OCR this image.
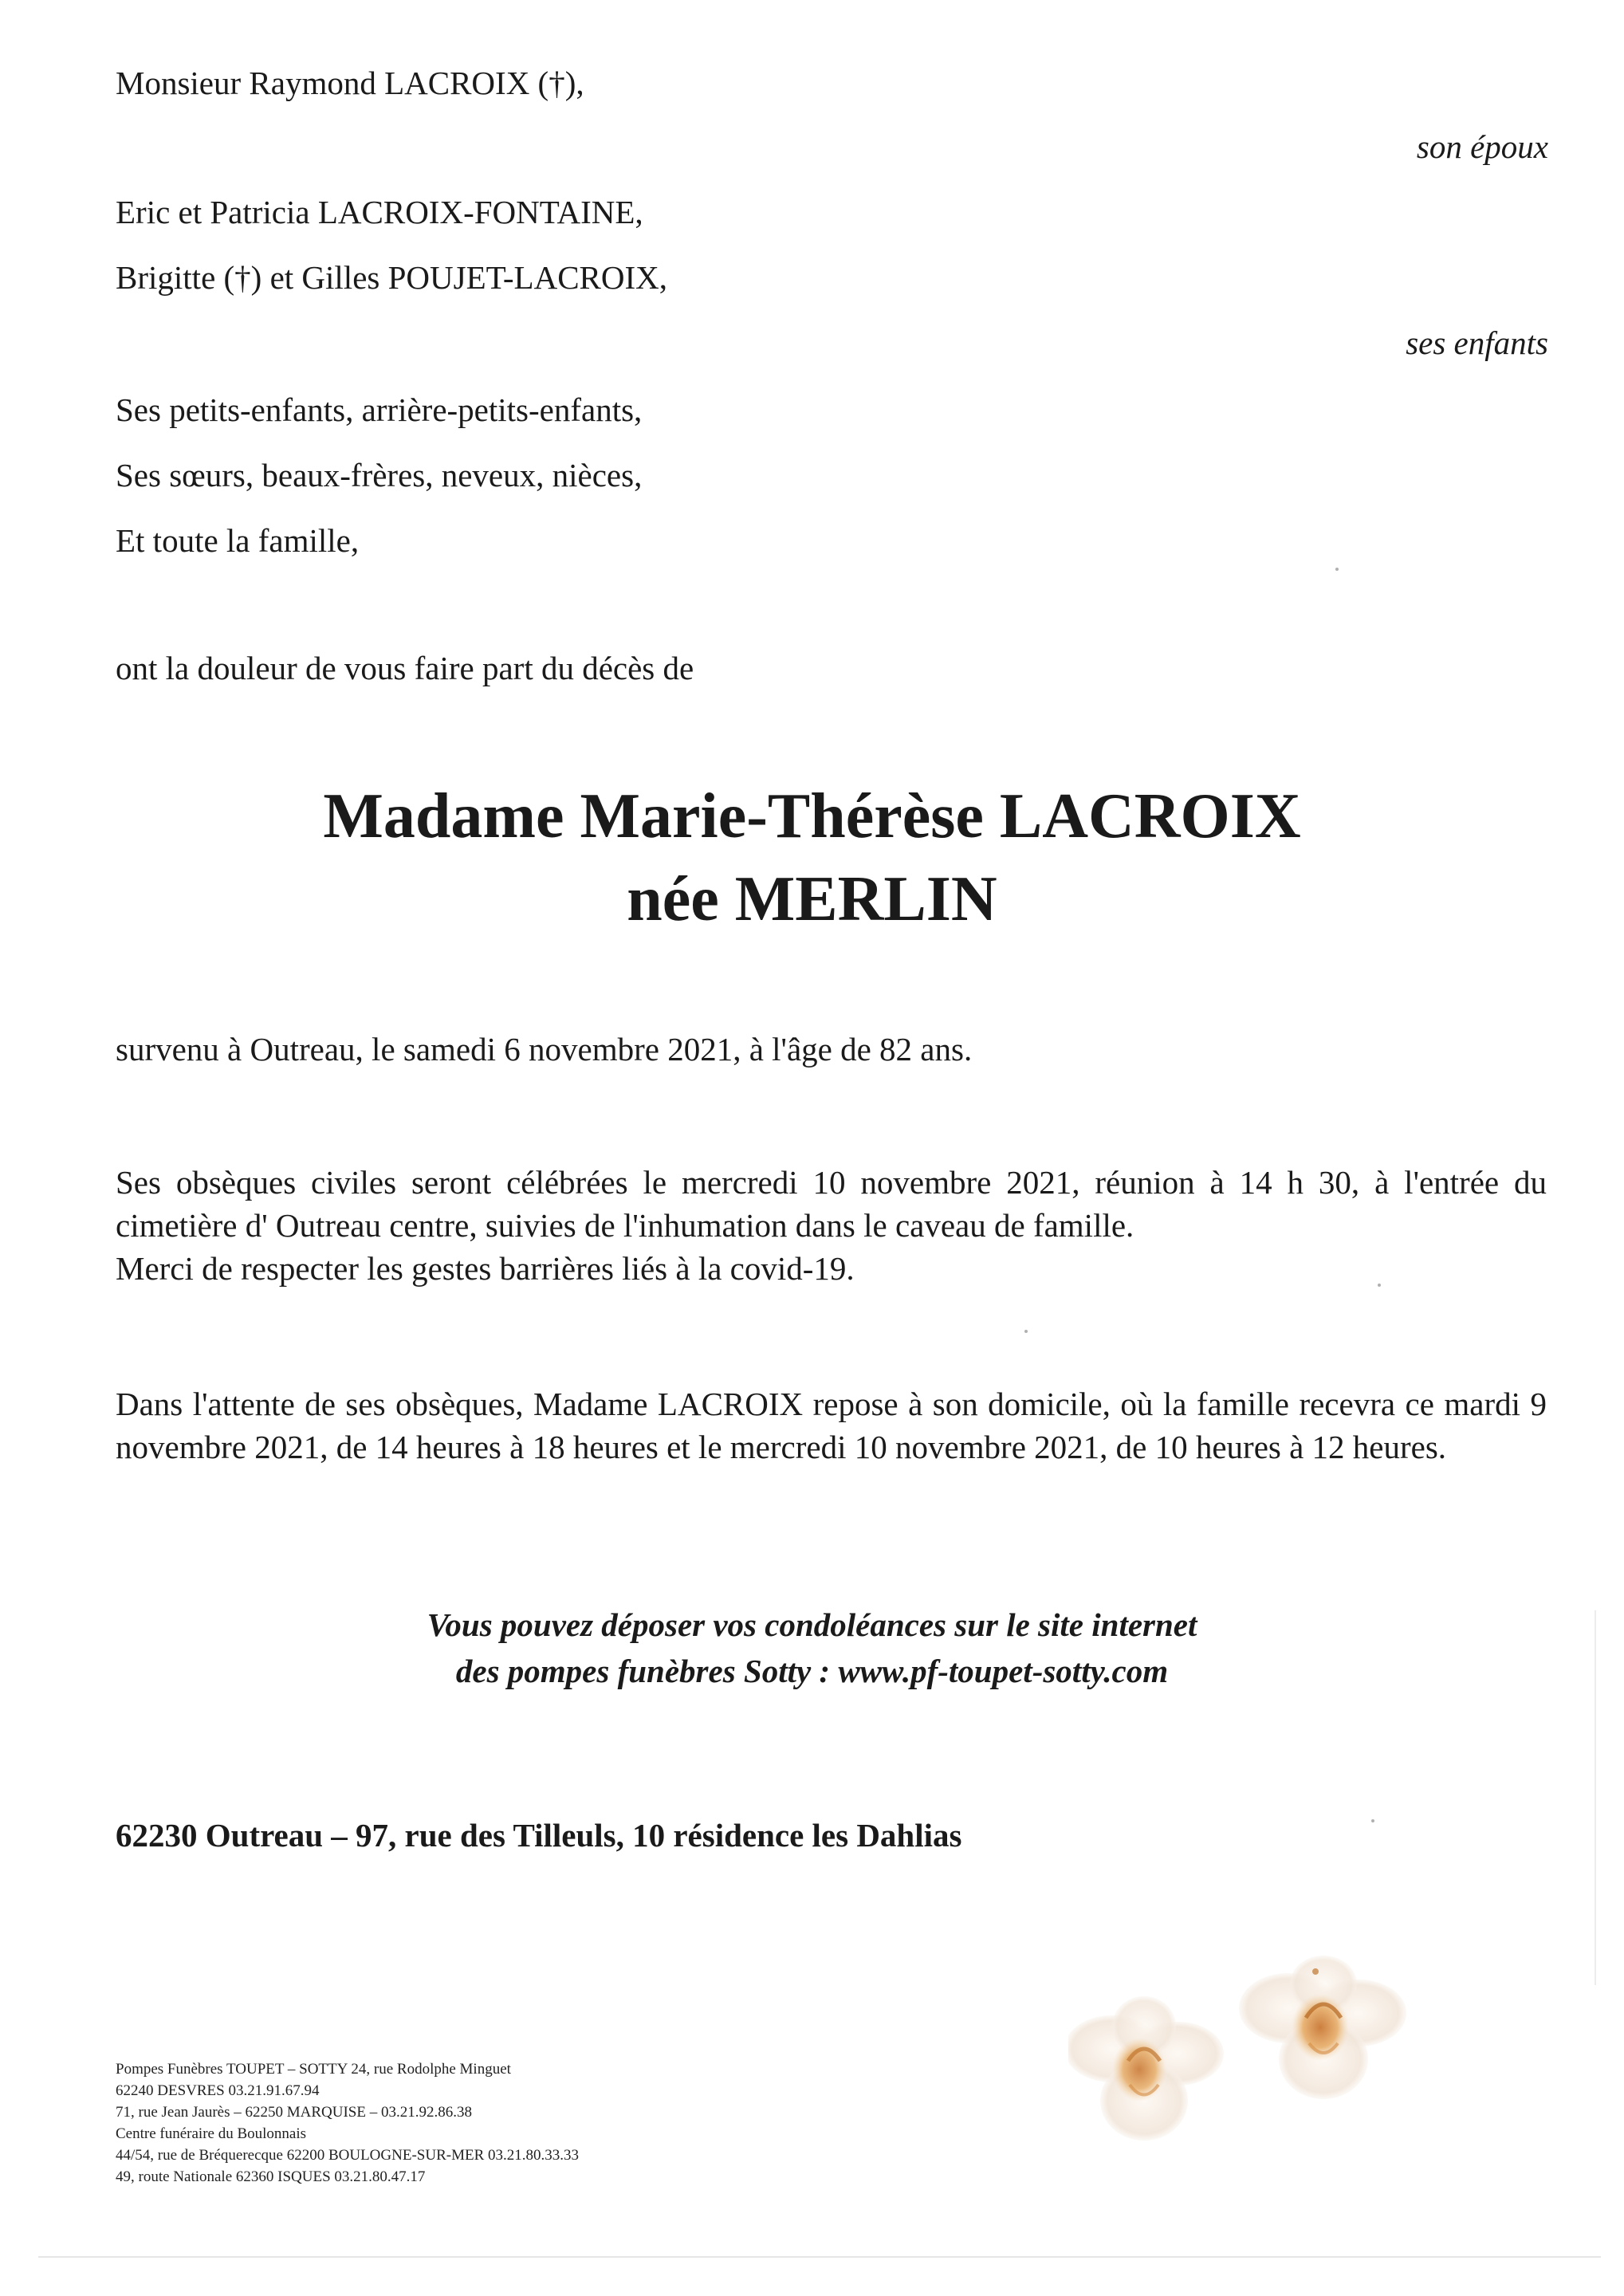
Monsieur Raymond LACROIX (†),
son époux
Eric et Patricia LACROIX-FONTAINE,
Brigitte (†) et Gilles POUJET-LACROIX,
ses enfants
Ses petits-enfants, arrière-petits-enfants,
Ses sœurs, beaux-frères, neveux, nièces,
Et toute la famille,
ont la douleur de vous faire part du décès de
Madame Marie-Thérèse LACROIX
née MERLIN
survenu à Outreau, le samedi 6 novembre 2021, à l'âge de 82 ans.
Ses obsèques civiles seront célébrées le mercredi 10 novembre 2021, réunion à 14 h 30, à l'entrée du cimetière d' Outreau centre, suivies de l'inhumation dans le caveau de famille.
Merci de respecter les gestes barrières liés à la covid-19.
Dans l'attente de ses obsèques, Madame LACROIX repose à son domicile, où la famille recevra ce mardi 9 novembre 2021, de 14 heures à 18 heures et le mercredi 10 novembre 2021, de 10 heures à 12 heures.
Vous pouvez déposer vos condoléances sur le site internet
des pompes funèbres Sotty : www.pf-toupet-sotty.com
62230 Outreau – 97, rue des Tilleuls, 10 résidence les Dahlias
Pompes Funèbres TOUPET – SOTTY 24, rue Rodolphe Minguet
62240 DESVRES 03.21.91.67.94
71, rue Jean Jaurès – 62250 MARQUISE – 03.21.92.86.38
Centre funéraire du Boulonnais
44/54, rue de Bréquerecque 62200 BOULOGNE-SUR-MER 03.21.80.33.33
49, route Nationale 62360 ISQUES 03.21.80.47.17
